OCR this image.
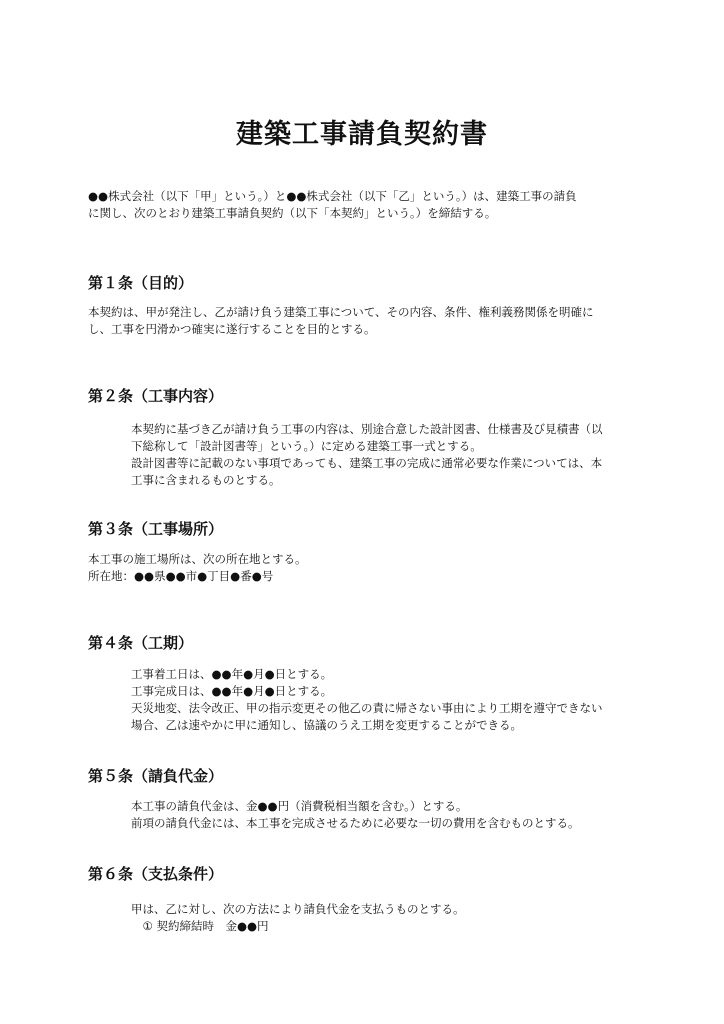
建築工事請負契約書
●●株式会社（以下「甲」という。）と●●株式会社（以下「乙」という。）は、建築工事の請負
に関し、次のとおり建築工事請負契約（以下「本契約」という。）を締結する。
第１条（目的）
本契約は、甲が発注し、乙が請け負う建築工事について、その内容、条件、権利義務関係を明確に
し、工事を円滑かつ確実に遂行することを目的とする。
第２条（工事内容）
本契約に基づき乙が請け負う工事の内容は、別途合意した設計図書、仕様書及び見積書（以
下総称して「設計図書等」という。）に定める建築工事一式とする。
設計図書等に記載のない事項であっても、建築工事の完成に通常必要な作業については、本
工事に含まれるものとする。
第３条（工事場所）
本工事の施工場所は、次の所在地とする。
所在地：●●県●●市●丁目●番●号
第４条（工期）
工事着工日は、●●年●月●日とする。
工事完成日は、●●年●月●日とする。
天災地変、法令改正、甲の指示変更その他乙の責に帰さない事由により工期を遵守できない
場合、乙は速やかに甲に通知し、協議のうえ工期を変更することができる。
第５条（請負代金）
本工事の請負代金は、金●●円（消費税相当額を含む。）とする。
前項の請負代金には、本工事を完成させるために必要な一切の費用を含むものとする。
第６条（支払条件）
甲は、乙に対し、次の方法により請負代金を支払うものとする。
　① 契約締結時　金●●円
